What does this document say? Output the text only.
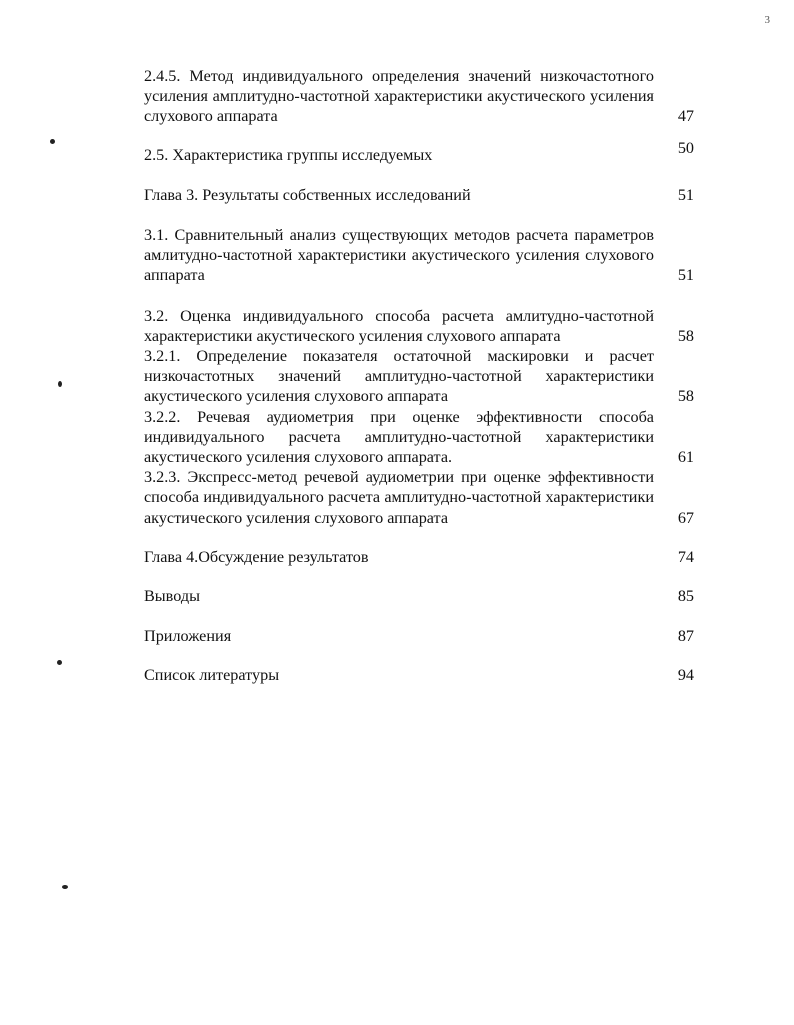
3
2.4.5. Метод индивидуального определения значений низкочастотного усиления амплитудно-частотной характеристики акустического усиления слухового аппарата	47
2.5. Характеристика группы исследуемых	50
Глава 3. Результаты собственных исследований	51
3.1. Сравнительный анализ существующих методов расчета параметров амлитудно-частотной характеристики акустического усиления слухового аппарата	51
3.2. Оценка индивидуального способа расчета амлитудно-частотной характеристики акустического усиления слухового аппарата	58
3.2.1. Определение показателя остаточной маскировки и расчет низкочастотных значений амплитудно-частотной характеристики акустического усиления слухового аппарата	58
3.2.2. Речевая аудиометрия при оценке эффективности способа индивидуального расчета амплитудно-частотной характеристики акустического усиления слухового аппарата.	61
3.2.3. Экспресс-метод речевой аудиометрии при оценке эффективности способа индивидуального расчета амплитудно-частотной характеристики акустического усиления слухового аппарата	67
Глава 4.Обсуждение результатов	74
Выводы	85
Приложения	87
Список литературы	94
